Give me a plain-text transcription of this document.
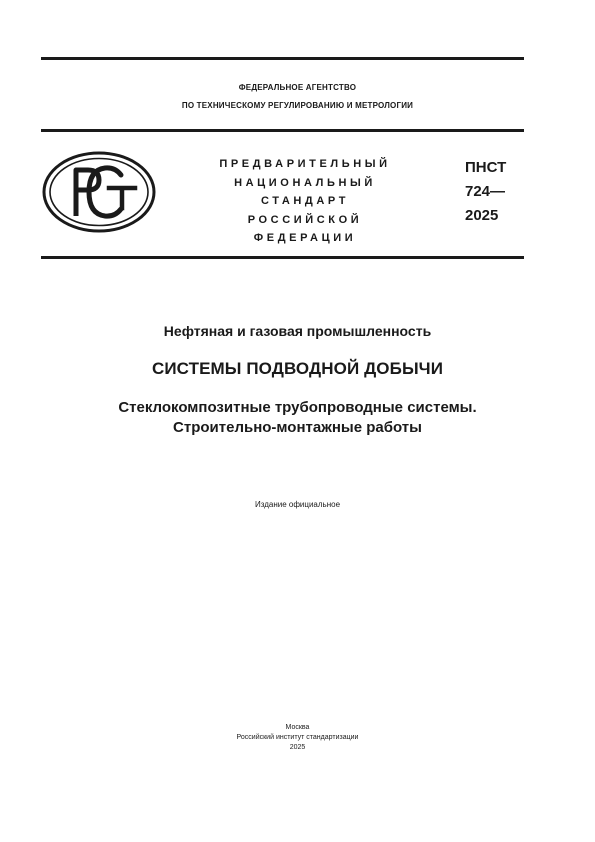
ФЕДЕРАЛЬНОЕ АГЕНТСТВО
ПО ТЕХНИЧЕСКОМУ РЕГУЛИРОВАНИЮ И МЕТРОЛОГИИ
ПРЕДВАРИТЕЛЬНЫЙ
НАЦИОНАЛЬНЫЙ
СТАНДАРТ
РОССИЙСКОЙ
ФЕДЕРАЦИИ
ПНСТ
724—
2025
Нефтяная и газовая промышленность
СИСТЕМЫ ПОДВОДНОЙ ДОБЫЧИ
Стеклокомпозитные трубопроводные системы.
Строительно-монтажные работы
Издание официальное
Москва
Российский институт стандартизации
2025
